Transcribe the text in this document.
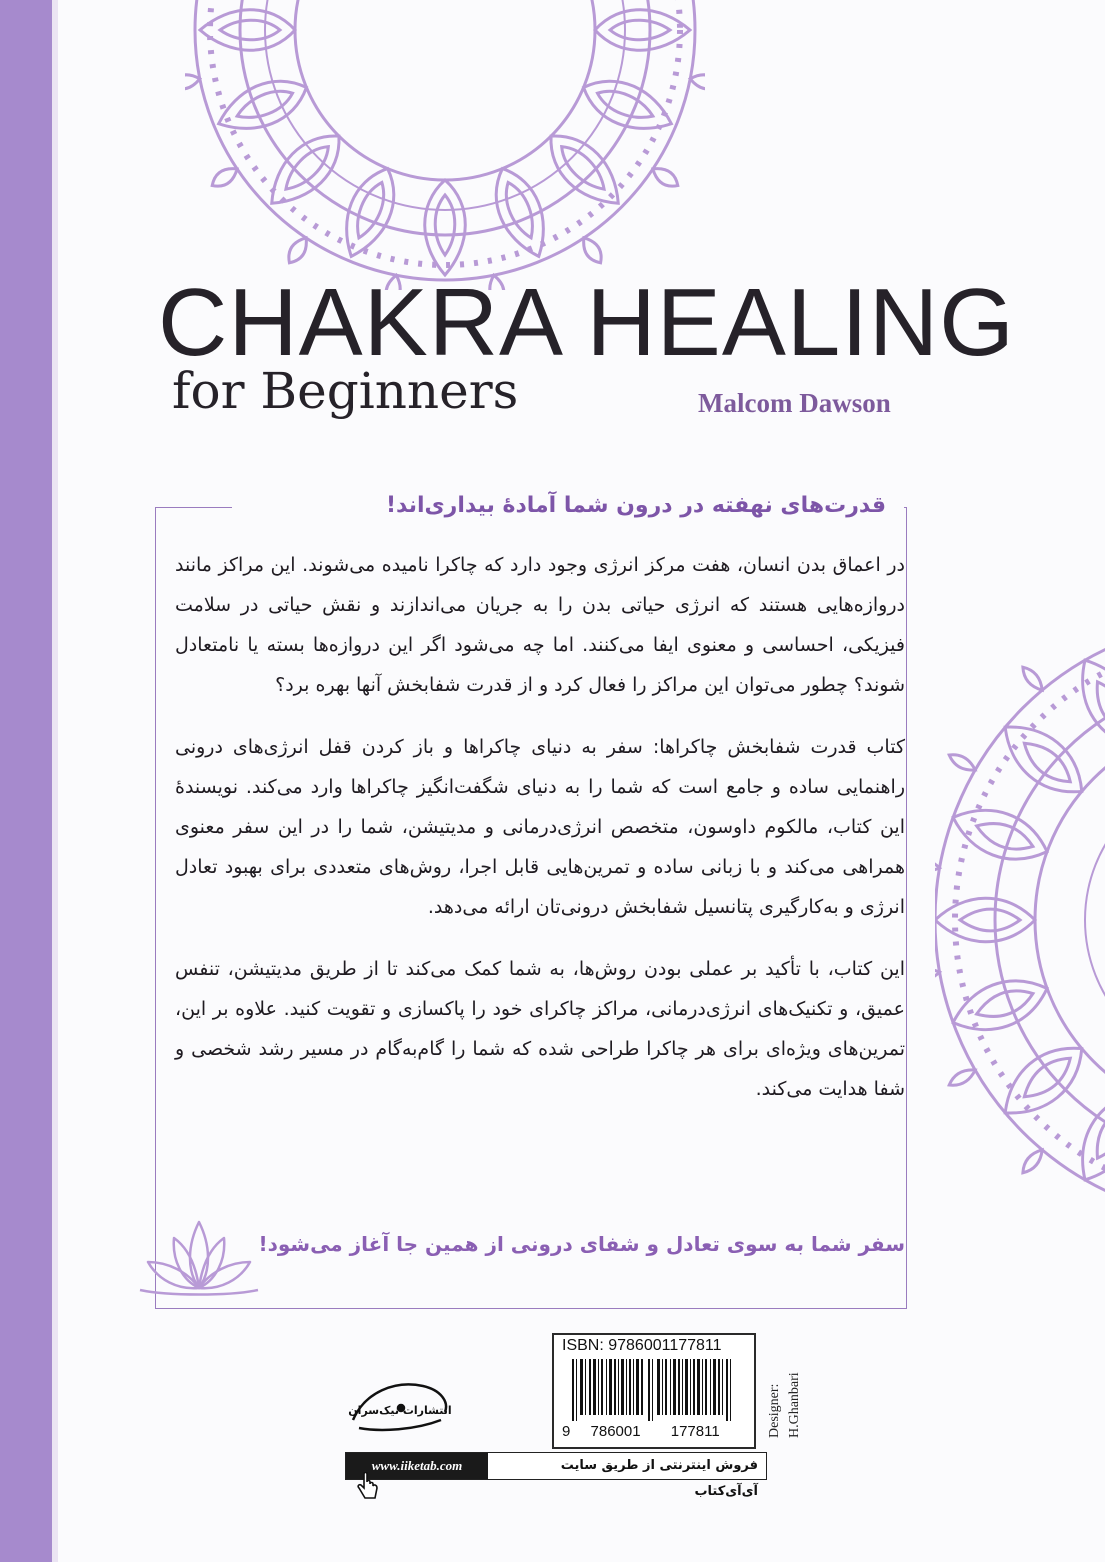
CHAKRA HEALING
for Beginners	Malcom Dawson
قدرت‌های نهفته در درون شما آمادهٔ بیداری‌اند!

در اعماق بدن انسان، هفت مرکز انرژی وجود دارد که چاکرا نامیده می‌شوند. این مراکز مانند دروازه‌هایی هستند که انرژی حیاتی بدن را به جریان می‌اندازند و نقش حیاتی در سلامت فیزیکی، احساسی و معنوی ایفا می‌کنند. اما چه می‌شود اگر این دروازه‌ها بسته یا نامتعادل شوند؟ چطور می‌توان این مراکز را فعال کرد و از قدرت شفابخش آنها بهره برد؟

کتاب قدرت شفابخش چاکراها: سفر به دنیای چاکراها و باز کردن قفل انرژی‌های درونی راهنمایی ساده و جامع است که شما را به دنیای شگفت‌انگیز چاکراها وارد می‌کند. نویسندهٔ این کتاب، مالکوم داوسون، متخصص انرژی‌درمانی و مدیتیشن، شما را در این سفر معنوی همراهی می‌کند و با زبانی ساده و تمرین‌هایی قابل اجرا، روش‌های متعددی برای بهبود تعادل انرژی و به‌کارگیری پتانسیل شفابخش درونی‌تان ارائه می‌دهد.

این کتاب، با تأکید بر عملی بودن روش‌ها، به شما کمک می‌کند تا از طریق مدیتیشن، تنفس عمیق، و تکنیک‌های انرژی‌درمانی، مراکز چاکرای خود را پاکسازی و تقویت کنید. علاوه بر این، تمرین‌های ویژه‌ای برای هر چاکرا طراحی شده که شما را گام‌به‌گام در مسیر رشد شخصی و شفا هدایت می‌کند.

سفر شما به سوی تعادل و شفای درونی از همین جا آغاز می‌شود!
ISBN: 9786001177811
9 786001 177811	Designer: H.Ghanbari
انتشارات نیک‌سران
www.iiketab.com	فروش اینترنتی از طریق سایت آی‌آی‌کتاب
